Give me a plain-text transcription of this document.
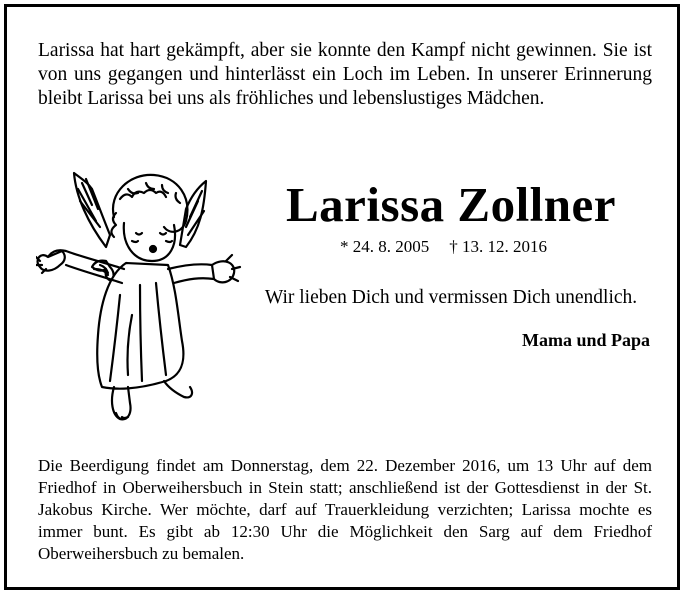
Larissa hat hart gekämpft, aber sie konnte den Kampf nicht gewinnen. Sie ist von uns gegangen und hinterlässt ein Loch im Leben. In unserer Erinnerung bleibt Larissa bei uns als fröhliches und lebenslustiges Mädchen.

Larissa Zollner
* 24. 8. 2005 † 13. 12. 2016
Wir lieben Dich und vermissen Dich unendlich.
Mama und Papa

Die Beerdigung findet am Donnerstag, dem 22. Dezember 2016, um 13 Uhr auf dem Friedhof in Oberweihersbuch in Stein statt; anschließend ist der Gottesdienst in der St. Jakobus Kirche. Wer möchte, darf auf Trauerkleidung verzichten; Larissa mochte es immer bunt. Es gibt ab 12:30 Uhr die Möglichkeit den Sarg auf dem Friedhof Oberweihersbuch zu bemalen.
